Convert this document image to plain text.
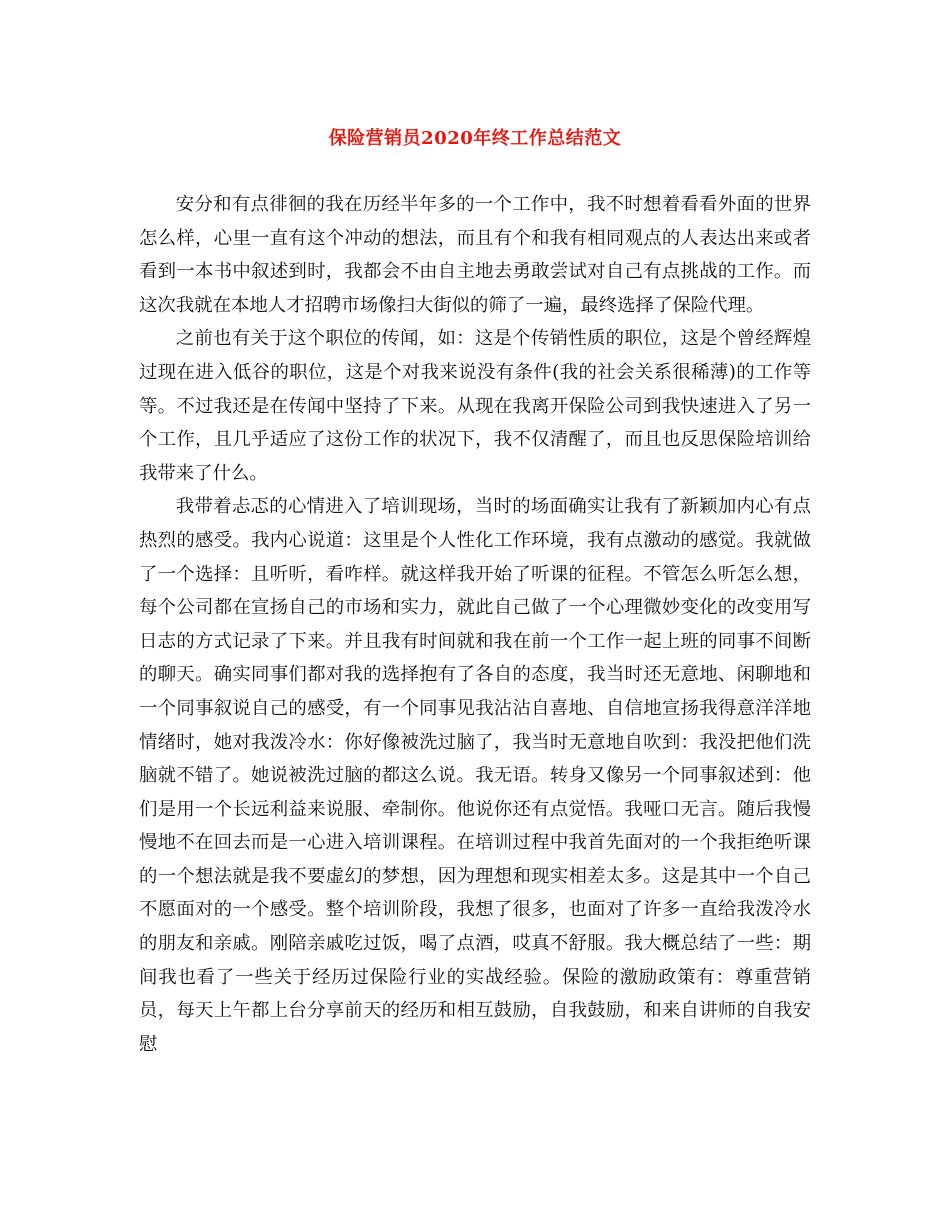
保险营销员2020年终工作总结范文

安分和有点徘徊的我在历经半年多的一个工作中，我不时想着看看外面的世界怎么样，心里一直有这个冲动的想法，而且有个和我有相同观点的人表达出来或者看到一本书中叙述到时，我都会不由自主地去勇敢尝试对自己有点挑战的工作。而这次我就在本地人才招聘市场像扫大街似的筛了一遍，最终选择了保险代理。

之前也有关于这个职位的传闻，如：这是个传销性质的职位，这是个曾经辉煌过现在进入低谷的职位，这是个对我来说没有条件(我的社会关系很稀薄)的工作等等。不过我还是在传闻中坚持了下来。从现在我离开保险公司到我快速进入了另一个工作，且几乎适应了这份工作的状况下，我不仅清醒了，而且也反思保险培训给我带来了什么。

我带着忐忑的心情进入了培训现场，当时的场面确实让我有了新颖加内心有点热烈的感受。我内心说道：这里是个人性化工作环境，我有点激动的感觉。我就做了一个选择：且听听，看咋样。就这样我开始了听课的征程。不管怎么听怎么想，每个公司都在宣扬自己的市场和实力，就此自己做了一个心理微妙变化的改变用写日志的方式记录了下来。并且我有时间就和我在前一个工作一起上班的同事不间断的聊天。确实同事们都对我的选择抱有了各自的态度，我当时还无意地、闲聊地和一个同事叙说自己的感受，有一个同事见我沾沾自喜地、自信地宣扬我得意洋洋地情绪时，她对我泼冷水：你好像被洗过脑了，我当时无意地自吹到：我没把他们洗脑就不错了。她说被洗过脑的都这么说。我无语。转身又像另一个同事叙述到：他们是用一个长远利益来说服、牵制你。他说你还有点觉悟。我哑口无言。随后我慢慢地不在回去而是一心进入培训课程。在培训过程中我首先面对的一个我拒绝听课的一个想法就是我不要虚幻的梦想，因为理想和现实相差太多。这是其中一个自己不愿面对的一个感受。整个培训阶段，我想了很多，也面对了许多一直给我泼冷水的朋友和亲戚。刚陪亲戚吃过饭，喝了点酒，哎真不舒服。我大概总结了一些：期间我也看了一些关于经历过保险行业的实战经验。保险的激励政策有：尊重营销员，每天上午都上台分享前天的经历和相互鼓励，自我鼓励，和来自讲师的自我安慰
